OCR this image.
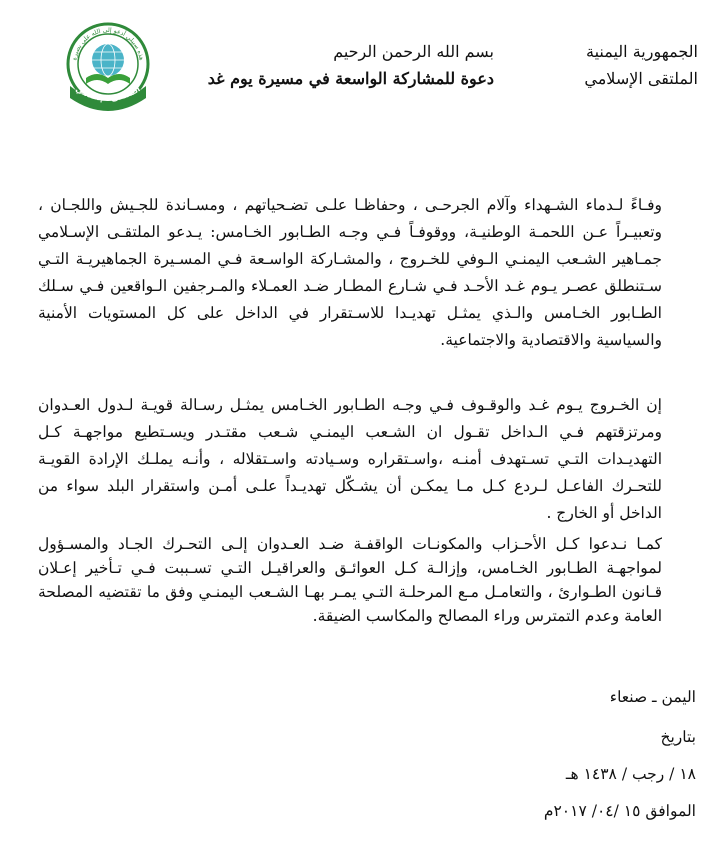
الجمهورية اليمنية
الملتقى الإسلامي
بسم الله الرحمن الرحيم
دعوة للمشاركة الواسعة في مسيرة يوم غد
هذه سبيلي أدعو إلى الله على بصيرة
الملتقى الإسلامي
وفـاءً لـدماء الشـهداء وآلام الجرحـى ، وحفاظـا علـى تضـحياتهم ، ومسـاندة للجـيش واللجـان ، وتعبيـراً عـن اللحمـة الوطنيـة، ووقوفـاً فـي وجـه الطـابور الخـامس: يـدعو الملتقـى الإسـلامي جمـاهير الشـعب اليمنـي الـوفي للخـروج ، والمشـاركة الواسـعة فـي المسـيرة الجماهيريـة التـي سـتنطلق عصـر يـوم غـد الأحـد فـي شـارع المطـار ضـد العمـلاء والمـرجفين الـواقعين فـي سـلك الطـابور الخـامس والـذي يمثـل تهديـدا للاسـتقرار في الداخل على كل المستويات الأمنية والسياسية والاقتصادية والاجتماعية.
إن الخـروج يـوم غـد والوقـوف فـي وجـه الطـابور الخـامس يمثـل رسـالة قويـة لـدول العـدوان ومرتزقتهم فـي الـداخل تقـول ان الشـعب اليمنـي شـعب مقتـدر ويسـتطيع مواجهـة كـل التهديـدات التـي تسـتهدف أمنـه ،واسـتقراره وسـيادته واسـتقلاله ، وأنـه يملـك الإرادة القويـة للتحـرك الفاعـل لـردع كـل مـا يمكـن أن يشـكّل تهديـداً علـى أمـن واستقرار البلد سواء من الداخل أو الخارج .
كمـا نـدعوا كـل الأحـزاب والمكونـات الواقفـة ضـد العـدوان إلـى التحـرك الجـاد والمسـؤول لمواجهـة الطـابور الخـامس، وإزالـة كـل العوائـق والعراقيـل التـي تسـببت فـي تـأخير إعـلان قـانون الطـوارئ ، والتعامـل مـع المرحلـة التـي يمـر بهـا الشـعب اليمنـي وفق ما تقتضيه المصلحة العامة وعدم التمترس وراء المصالح والمكاسب الضيقة.
اليمن ـ صنعاء
بتاريخ
١٨ / رجب / ١٤٣٨ هـ
الموافق ١٥ /٠٤/ ٢٠١٧م
